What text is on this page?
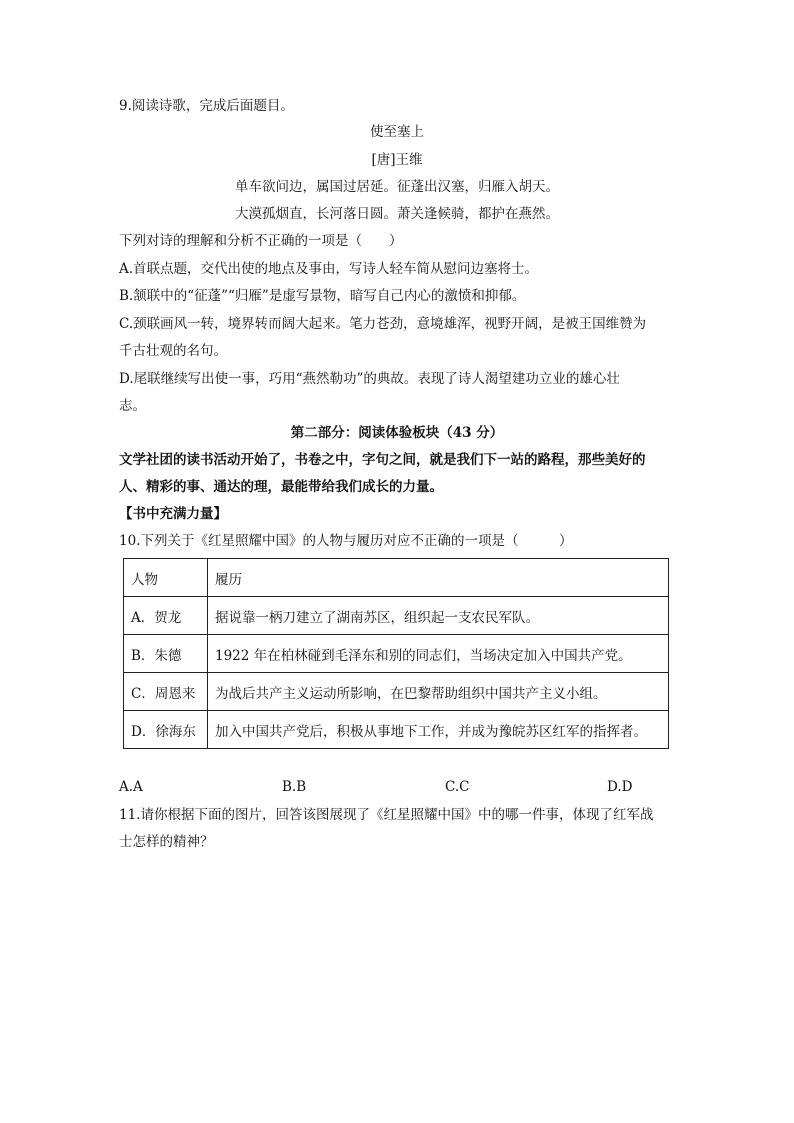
9.阅读诗歌，完成后面题目。
使至塞上
[唐]王维
单车欲问边，属国过居延。征蓬出汉塞，归雁入胡天。
大漠孤烟直，长河落日圆。萧关逢候骑，都护在燕然。
下列对诗的理解和分析不正确的一项是（　　）
A.首联点题，交代出使的地点及事由，写诗人轻车简从慰问边塞将士。
B.颔联中的“征蓬”“归雁”是虚写景物，暗写自己内心的激愤和抑郁。
C.颈联画风一转，境界转而阔大起来。笔力苍劲，意境雄浑，视野开阔，是被王国维赞为
千古壮观的名句。
D.尾联继续写出使一事，巧用“燕然勒功”的典故。表现了诗人渴望建功立业的雄心壮
志。
第二部分：阅读体验板块（43 分）
文学社团的读书活动开始了，书卷之中，字句之间，就是我们下一站的路程，那些美好的
人、精彩的事、通达的理，最能带给我们成长的力量。
【书中充满力量】
10.下列关于《红星照耀中国》的人物与履历对应不正确的一项是（　　　）
人物	履历
A．贺龙	据说靠一柄刀建立了湖南苏区，组织起一支农民军队。
B．朱德	1922 年在柏林碰到毛泽东和别的同志们，当场决定加入中国共产党。
C．周恩来	为战后共产主义运动所影响，在巴黎帮助组织中国共产主义小组。
D．徐海东	加入中国共产党后，积极从事地下工作，并成为豫皖苏区红军的指挥者。
A.A	B.B	C.C	D.D
11.请你根据下面的图片，回答该图展现了《红星照耀中国》中的哪一件事，体现了红军战
士怎样的精神？
